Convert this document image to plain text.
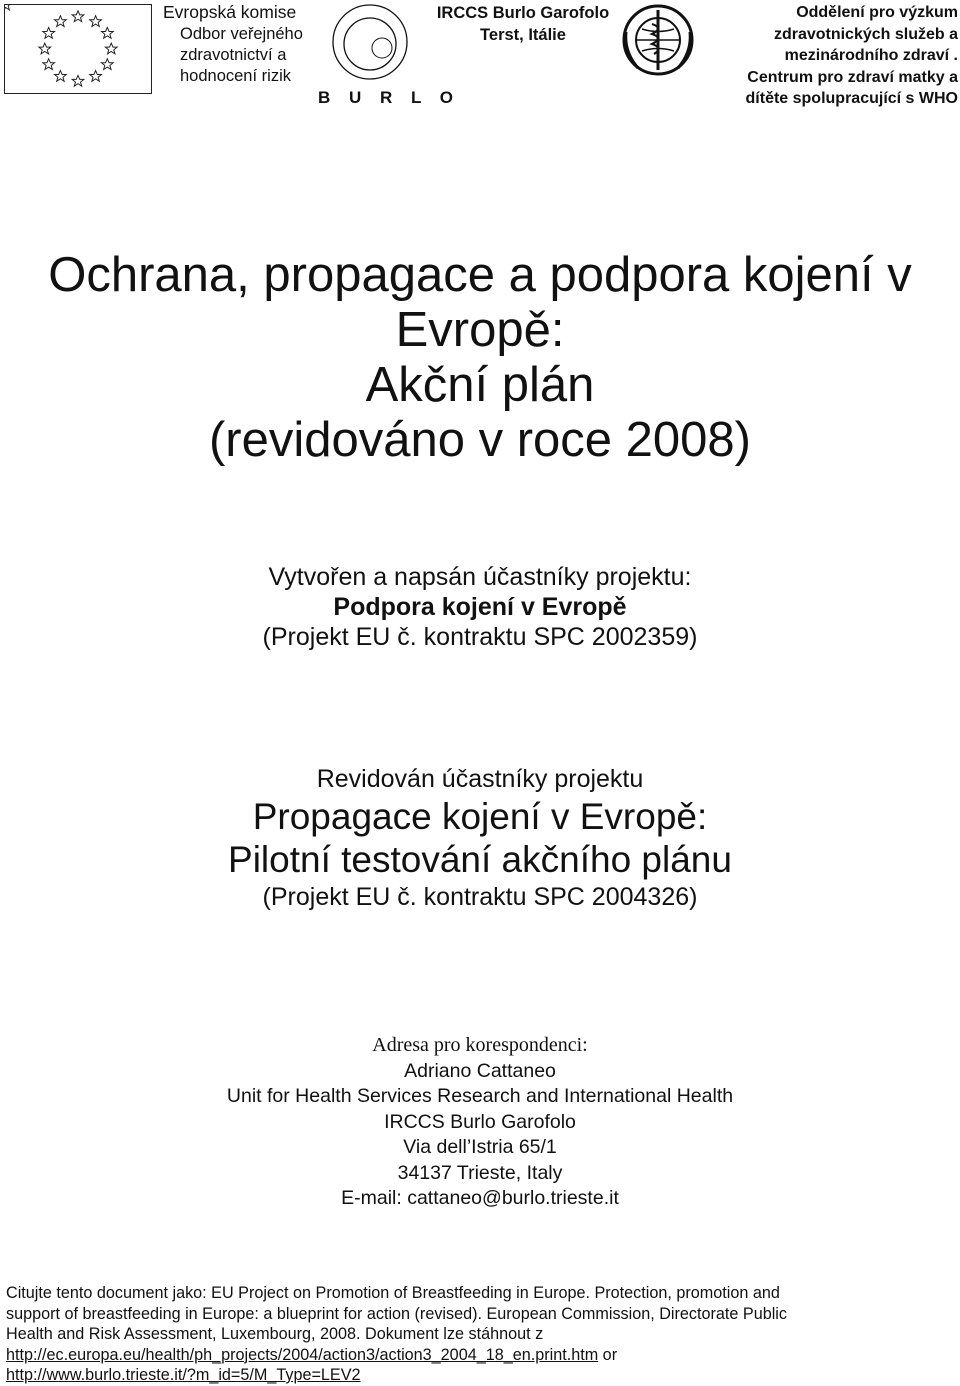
Evropská komise

Odbor veřejného
zdravotnictví a
hodnocení rizik
B U R L O
IRCCS Burlo Garofolo
Terst, Itálie
Oddělení pro výzkum
zdravotnických služeb a
mezinárodního zdraví .
Centrum pro zdraví matky a
dítěte spolupracující s WHO
Ochrana, propagace a podpora kojení v
Evropě:
Akční plán
(revidováno v roce 2008)
Vytvořen a napsán účastníky projektu:
Podpora kojení v Evropě
(Projekt EU č. kontraktu SPC 2002359)
Revidován účastníky projektu
Propagace kojení v Evropě:
Pilotní testování akčního plánu
(Projekt EU č. kontraktu SPC 2004326)
Adresa pro korespondenci:
Adriano Cattaneo
Unit for Health Services Research and International Health
IRCCS Burlo Garofolo
Via dell’Istria 65/1
34137 Trieste, Italy
E-mail: cattaneo@burlo.trieste.it
Citujte tento document jako: EU Project on Promotion of Breastfeeding in Europe. Protection, promotion and
support of breastfeeding in Europe: a blueprint for action (revised). European Commission, Directorate Public
Health and Risk Assessment, Luxembourg, 2008. Dokument lze stáhnout z
http://ec.europa.eu/health/ph_projects/2004/action3/action3_2004_18_en.print.htm or
http://www.burlo.trieste.it/?m_id=5/M_Type=LEV2
